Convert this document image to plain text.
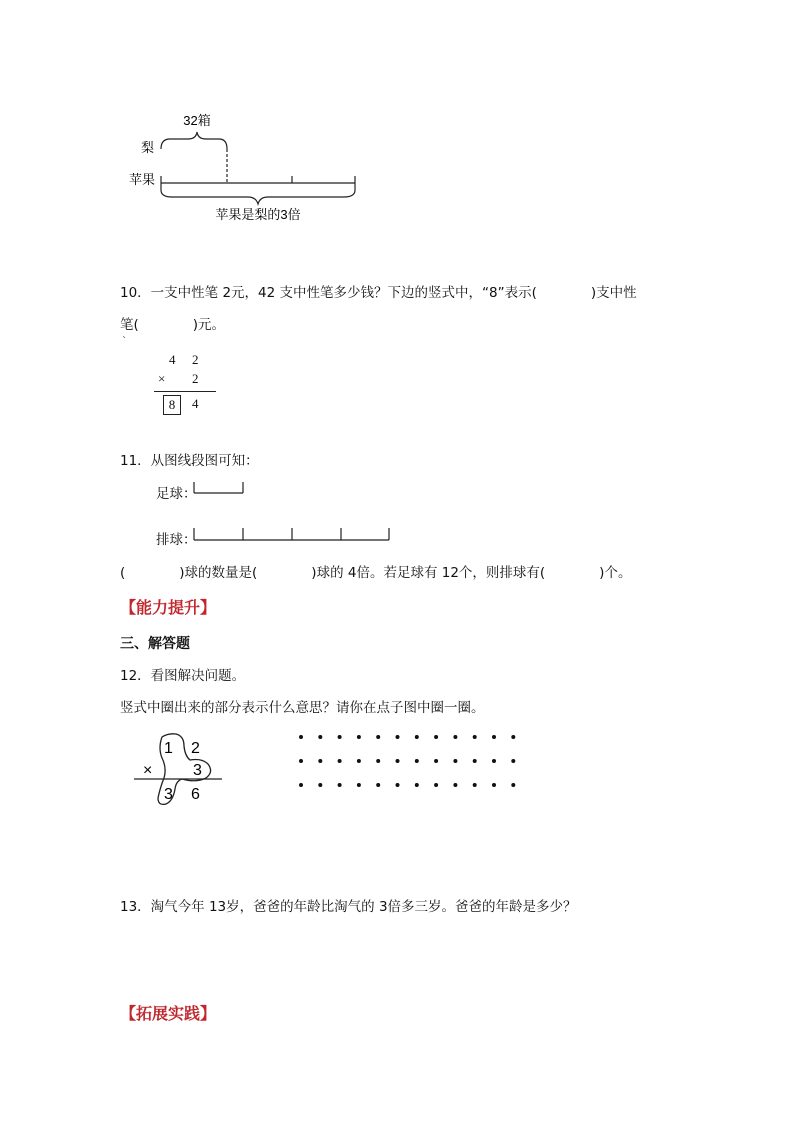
32箱
梨
苹果
苹果是梨的3倍
10．一支中性笔 2元，42 支中性笔多少钱？下边的竖式中，“8”表示(　　　　)支中性
笔(　　　　)元。
ˋ
4 2
× 2
8	4
11．从图线段图可知：
足球：
排球：
(　　　　)球的数量是(　　　　)球的 4倍。若足球有 12个，则排球有(　　　　)个。
【能力提升】
三、解答题
12．看图解决问题。
竖式中圈出来的部分表示什么意思？请你在点子图中圈一圈。
1 2
×	3
3 6
13．淘气今年 13岁，爸爸的年龄比淘气的 3倍多三岁。爸爸的年龄是多少？
【拓展实践】
